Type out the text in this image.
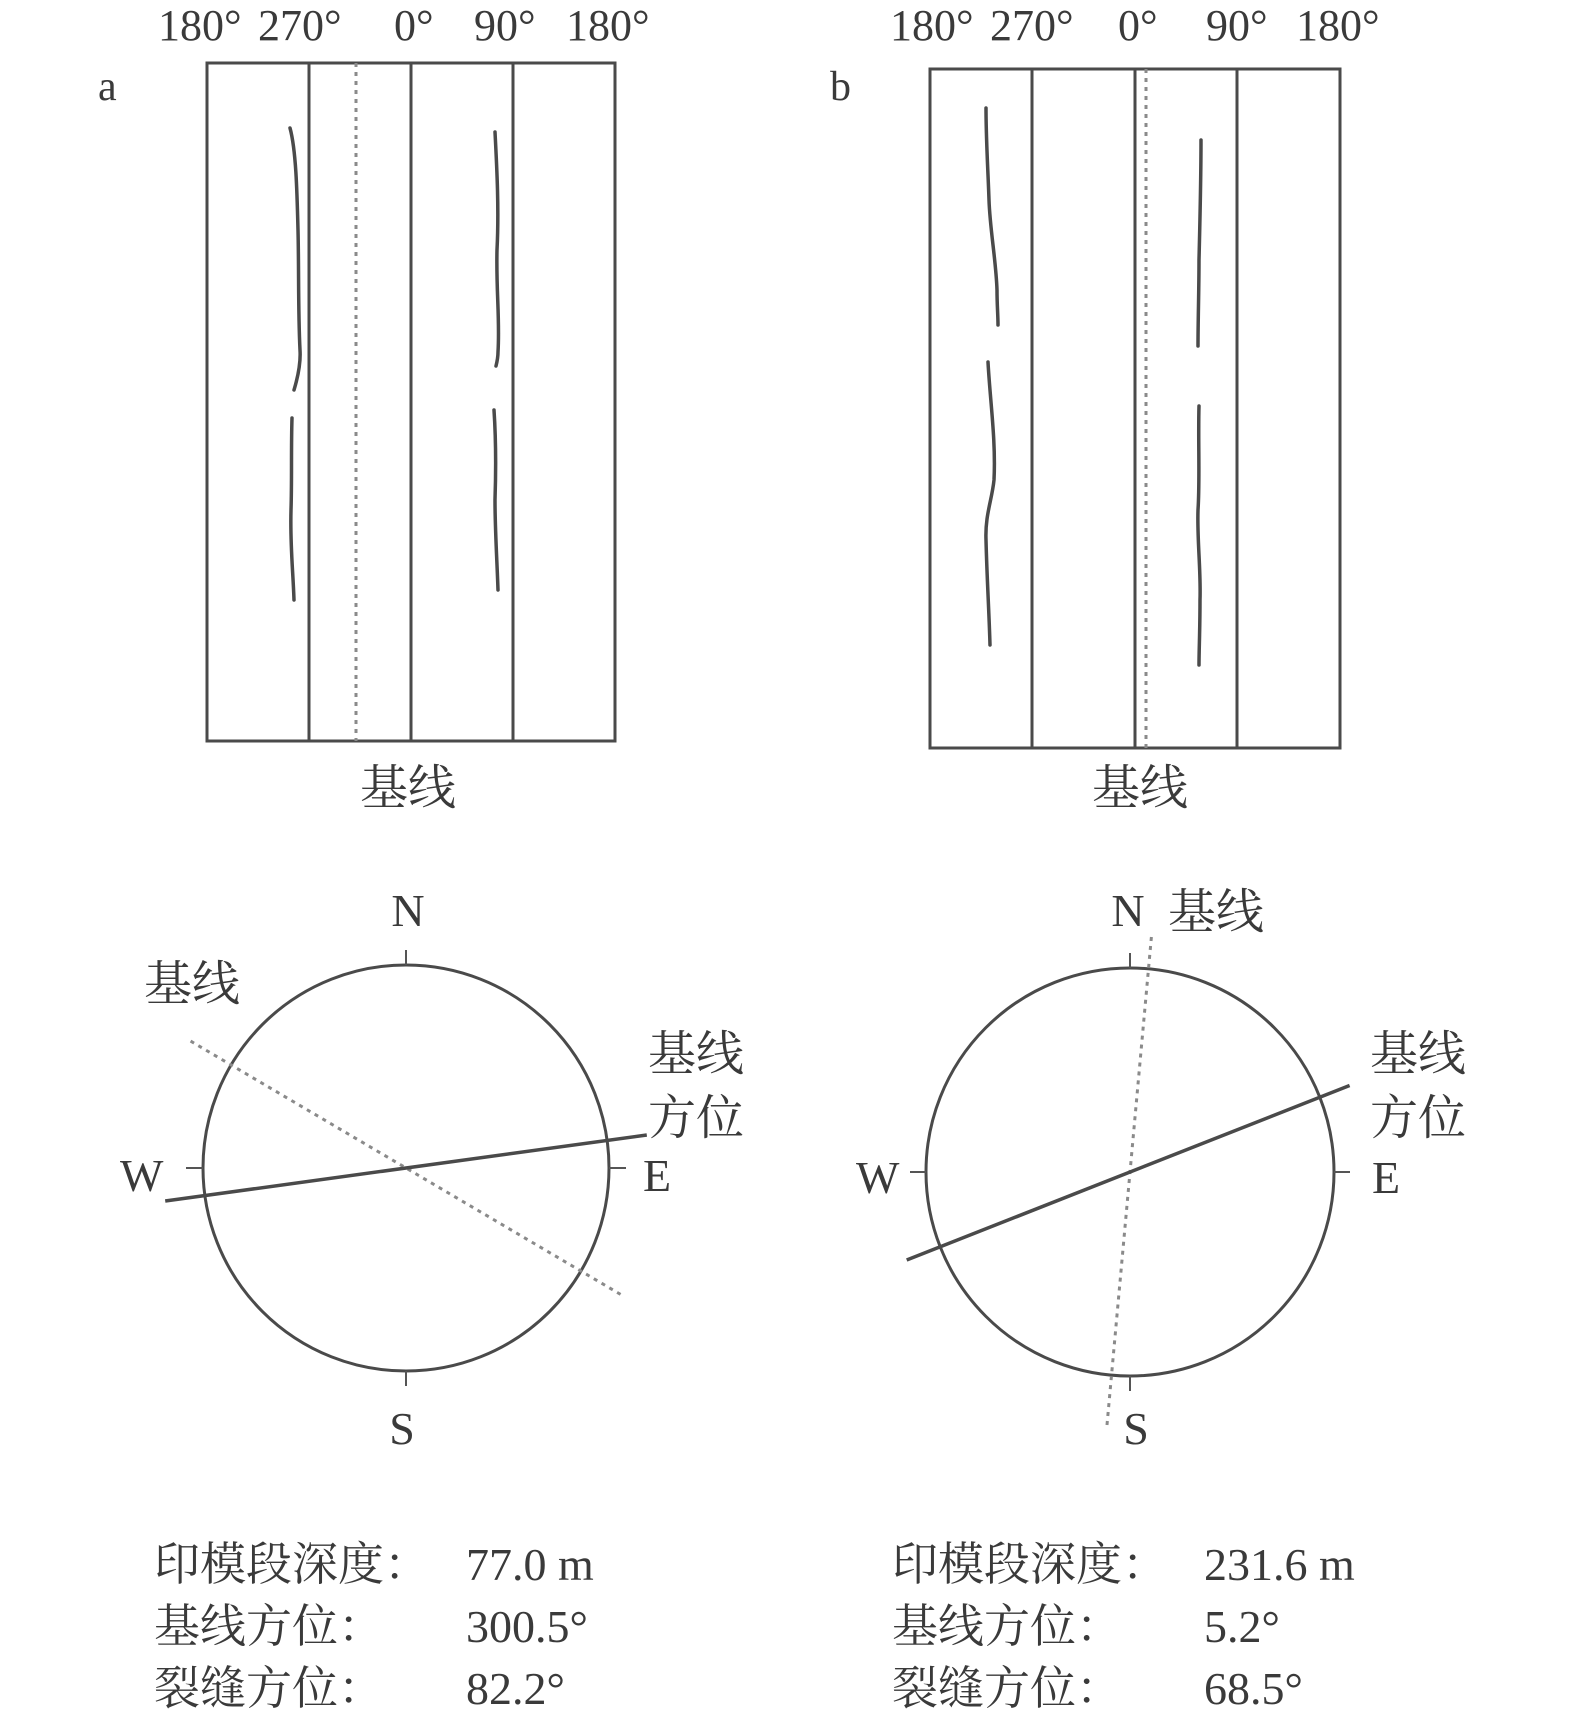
a
180° 270° 0° 90° 180°
基线
b
180° 270° 0° 90° 180°
基线
N
S
E
W
基线
基线
方位
N
S
E
W
基线
基线
方位
印模段深度： 77.0 m
基线方位： 300.5°
裂缝方位： 82.2°
印模段深度： 231.6 m
基线方位： 5.2°
裂缝方位： 68.5°
